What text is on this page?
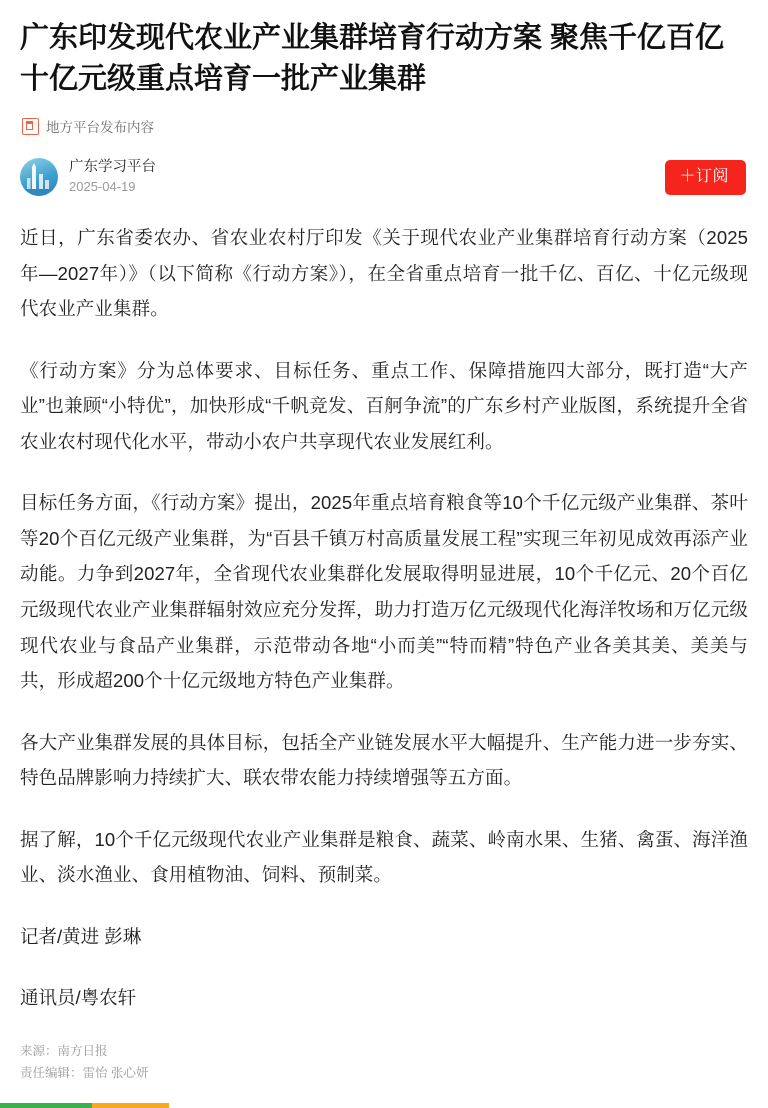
广东印发现代农业产业集群培育行动方案 聚焦千亿百亿十亿元级重点培育一批产业集群
地方平台发布内容
广东学习平台
2025-04-19
＋订阅

近日，广东省委农办、省农业农村厅印发《关于现代农业产业集群培育行动方案（2025年—2027年）》（以下简称《行动方案》），在全省重点培育一批千亿、百亿、十亿元级现代农业产业集群。

《行动方案》分为总体要求、目标任务、重点工作、保障措施四大部分，既打造“大产业”也兼顾“小特优”，加快形成“千帆竞发、百舸争流”的广东乡村产业版图，系统提升全省农业农村现代化水平，带动小农户共享现代农业发展红利。

目标任务方面，《行动方案》提出，2025年重点培育粮食等10个千亿元级产业集群、茶叶等20个百亿元级产业集群，为“百县千镇万村高质量发展工程”实现三年初见成效再添产业动能。力争到2027年，全省现代农业集群化发展取得明显进展，10个千亿元、20个百亿元级现代农业产业集群辐射效应充分发挥，助力打造万亿元级现代化海洋牧场和万亿元级现代农业与食品产业集群，示范带动各地“小而美”“特而精”特色产业各美其美、美美与共，形成超200个十亿元级地方特色产业集群。

各大产业集群发展的具体目标，包括全产业链发展水平大幅提升、生产能力进一步夯实、特色品牌影响力持续扩大、联农带农能力持续增强等五方面。

据了解，10个千亿元级现代农业产业集群是粮食、蔬菜、岭南水果、生猪、禽蛋、海洋渔业、淡水渔业、食用植物油、饲料、预制菜。

记者/黄进 彭琳
通讯员/粤农轩
来源：南方日报
责任编辑：雷怡 张心妍
